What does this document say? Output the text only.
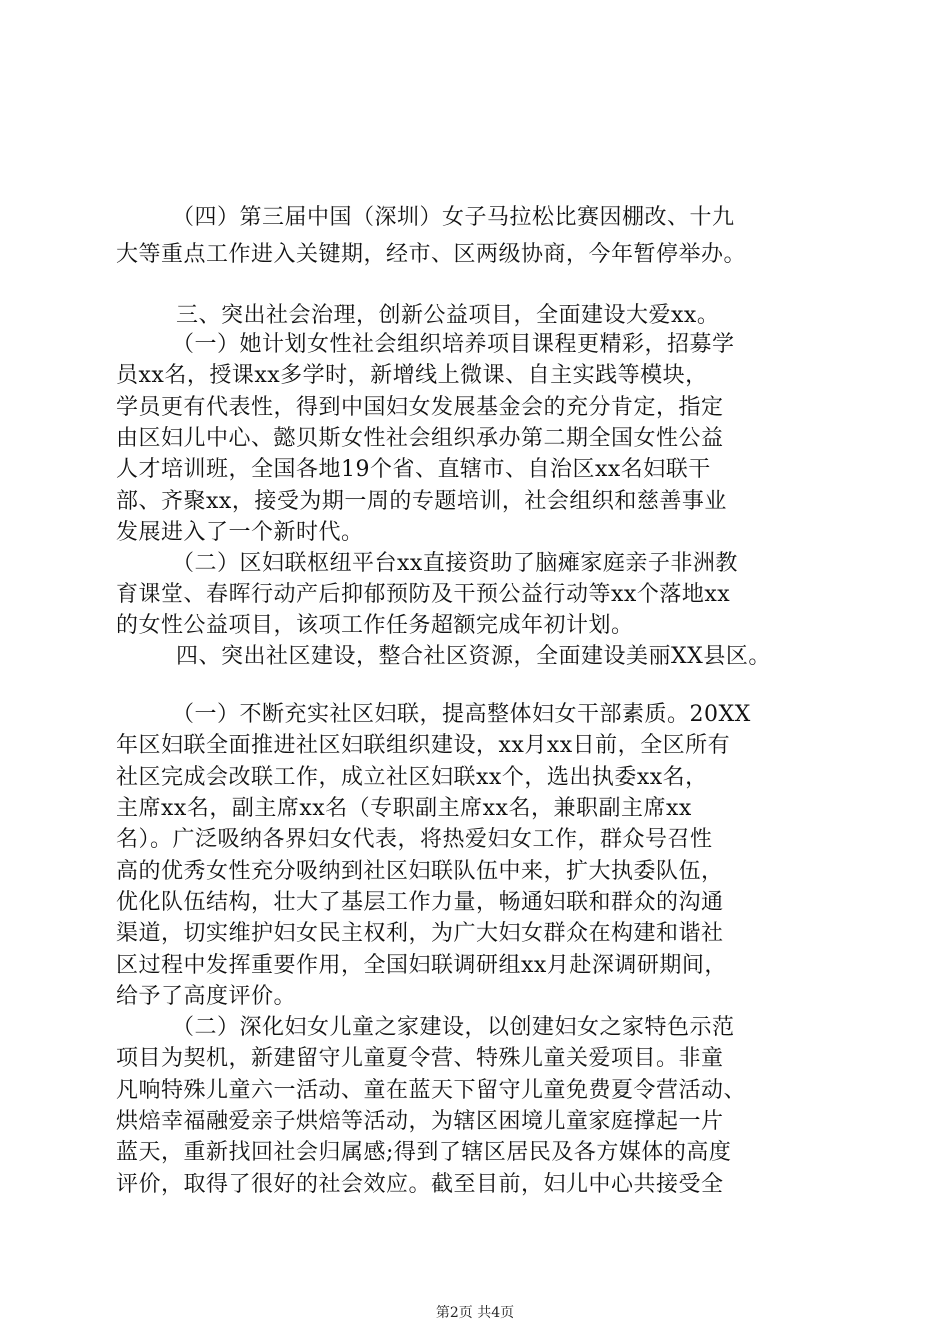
（四）第三届中国（深圳）女子马拉松比赛因棚改、十九
大等重点工作进入关键期，经市、区两级协商，今年暂停举办。
三、突出社会治理，创新公益项目，全面建设大爱xx。
（一）她计划女性社会组织培养项目课程更精彩，招募学
员xx名，授课xx多学时，新增线上微课、自主实践等模块，
学员更有代表性，得到中国妇女发展基金会的充分肯定，指定
由区妇儿中心、懿贝斯女性社会组织承办第二期全国女性公益
人才培训班，全国各地19个省、直辖市、自治区xx名妇联干
部、齐聚xx，接受为期一周的专题培训，社会组织和慈善事业
发展进入了一个新时代。
（二）区妇联枢纽平台xx直接资助了脑瘫家庭亲子非洲教
育课堂、春晖行动产后抑郁预防及干预公益行动等xx个落地xx
的女性公益项目，该项工作任务超额完成年初计划。
四、突出社区建设，整合社区资源，全面建设美丽XX县区。
（一）不断充实社区妇联，提高整体妇女干部素质。20XX
年区妇联全面推进社区妇联组织建设，xx月xx日前，全区所有
社区完成会改联工作，成立社区妇联xx个，选出执委xx名，
主席xx名，副主席xx名（专职副主席xx名，兼职副主席xx
名）。广泛吸纳各界妇女代表，将热爱妇女工作，群众号召性
高的优秀女性充分吸纳到社区妇联队伍中来，扩大执委队伍，
优化队伍结构，壮大了基层工作力量，畅通妇联和群众的沟通
渠道，切实维护妇女民主权利，为广大妇女群众在构建和谐社
区过程中发挥重要作用，全国妇联调研组xx月赴深调研期间，
给予了高度评价。
（二）深化妇女儿童之家建设，以创建妇女之家特色示范
项目为契机，新建留守儿童夏令营、特殊儿童关爱项目。非童
凡响特殊儿童六一活动、童在蓝天下留守儿童免费夏令营活动、
烘焙幸福融爱亲子烘焙等活动，为辖区困境儿童家庭撑起一片
蓝天，重新找回社会归属感;得到了辖区居民及各方媒体的高度
评价，取得了很好的社会效应。截至目前，妇儿中心共接受全
第2页 共4页
